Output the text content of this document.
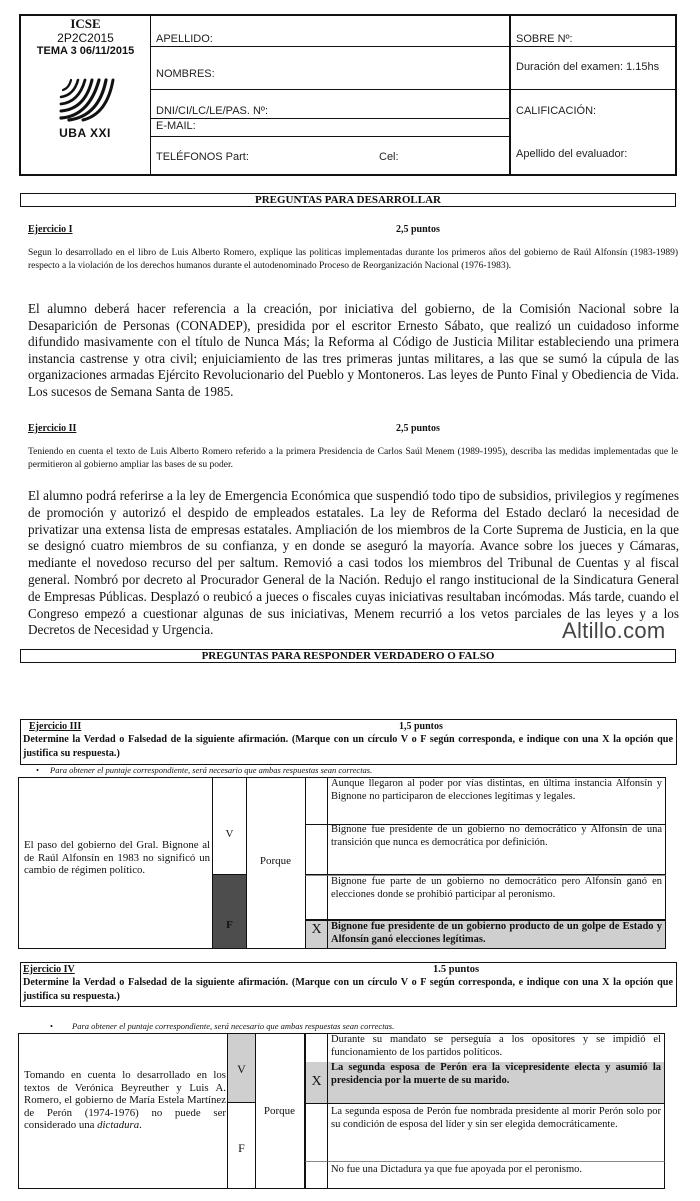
ICSE
2P2C2015
TEMA 3 06/11/2015
UBA XXI
APELLIDO:
NOMBRES:
DNI/CI/LC/LE/PAS. Nº:
E-MAIL:
TELÉFONOS Part:	Cel:
SOBRE Nº:
Duración del examen: 1.15hs
CALIFICACIÓN:
Apellido del evaluador:
PREGUNTAS PARA DESARROLLAR
Ejercicio I	2,5 puntos
Segun lo desarrollado en el libro de Luis Alberto Romero, explique las politicas implementadas durante los primeros años del gobierno de Raúl Alfonsín (1983-1989) respecto a la violación de los derechos humanos durante el autodenominado Proceso de Reorganización Nacional (1976-1983).
El alumno deberá hacer referencia a la creación, por iniciativa del gobierno, de la Comisión Nacional sobre la Desaparición de Personas (CONADEP), presidida por el escritor Ernesto Sábato, que realizó un cuidadoso informe difundido masivamente con el título de Nunca Más; la Reforma al Código de Justicia Militar estableciendo una primera instancia castrense y otra civil; enjuiciamiento de las tres primeras juntas militares, a las que se sumó la cúpula de las organizaciones armadas Ejército Revolucionario del Pueblo y Montoneros. Las leyes de Punto Final y Obediencia de Vida. Los sucesos de Semana Santa de 1985.
Ejercicio II	2,5 puntos
Teniendo en cuenta el texto de Luis Alberto Romero referido a la primera Presidencia de Carlos Saúl Menem (1989-1995), describa las medidas implementadas que le permitieron al gobierno ampliar las bases de su poder.
El alumno podrá referirse a la ley de Emergencia Económica que suspendió todo tipo de subsidios, privilegios y regímenes de promoción y autorizó el despido de empleados estatales. La ley de Reforma del Estado declaró la necesidad de privatizar una extensa lista de empresas estatales. Ampliación de los miembros de la Corte Suprema de Justicia, en la que se designó cuatro miembros de su confianza, y en donde se aseguró la mayoría. Avance sobre los jueces y Cámaras, mediante el novedoso recurso del per saltum. Removió a casi todos los miembros del Tribunal de Cuentas y al fiscal general. Nombró por decreto al Procurador General de la Nación. Redujo el rango institucional de la Sindicatura General de Empresas Públicas. Desplazó o reubicó a jueces o fiscales cuyas iniciativas resultaban incómodas. Más tarde, cuando el Congreso empezó a cuestionar algunas de sus iniciativas, Menem recurrió a los vetos parciales de las leyes y a los Decretos de Necesidad y Urgencia.	Altillo.com
PREGUNTAS PARA RESPONDER VERDADERO O FALSO
Ejercicio III	1,5 puntos
Determine la Verdad o Falsedad de la siguiente afirmación. (Marque con un círculo V o F según corresponda, e indique con una X la opción que justifica su respuesta.)
• Para obtener el puntaje correspondiente, será necesario que ambas respuestas sean correctas.
El paso del gobierno del Gral. Bignone al de Raúl Alfonsín en 1983 no significó un cambio de régimen político.
V
F
Porque
Aunque llegaron al poder por vías distintas, en última instancia Alfonsín y Bignone no participaron de elecciones legítimas y legales.
Bignone fue presidente de un gobierno no democrático y Alfonsín de una transición que nunca es democrática por definición.
Bignone fue parte de un gobierno no democrático pero Alfonsín ganó en elecciones donde se prohibió participar al peronismo.
X Bignone fue presidente de un gobierno producto de un golpe de Estado y Alfonsín ganó elecciones legítimas.
Ejercicio IV	1.5 puntos
Determine la Verdad o Falsedad de la siguiente afirmación. (Marque con un círculo V o F según corresponda, e indique con una X la opción que justifica su respuesta.)
• Para obtener el puntaje correspondiente, será necesario que ambas respuestas sean correctas.
Tomando en cuenta lo desarrollado en los textos de Verónica Beyreuther y Luis A. Romero, el gobierno de María Estela Martínez de Perón (1974-1976) no puede ser considerado una dictadura.
V
F
Porque
Durante su mandato se perseguía a los opositores y se impidió el funcionamiento de los partidos políticos.
X
La segunda esposa de Perón era la vicepresidente electa y asumió la presidencia por la muerte de su marido.
La segunda esposa de Perón fue nombrada presidente al morir Perón solo por su condición de esposa del líder y sin ser elegida democráticamente.
No fue una Dictadura ya que fue apoyada por el peronismo.
